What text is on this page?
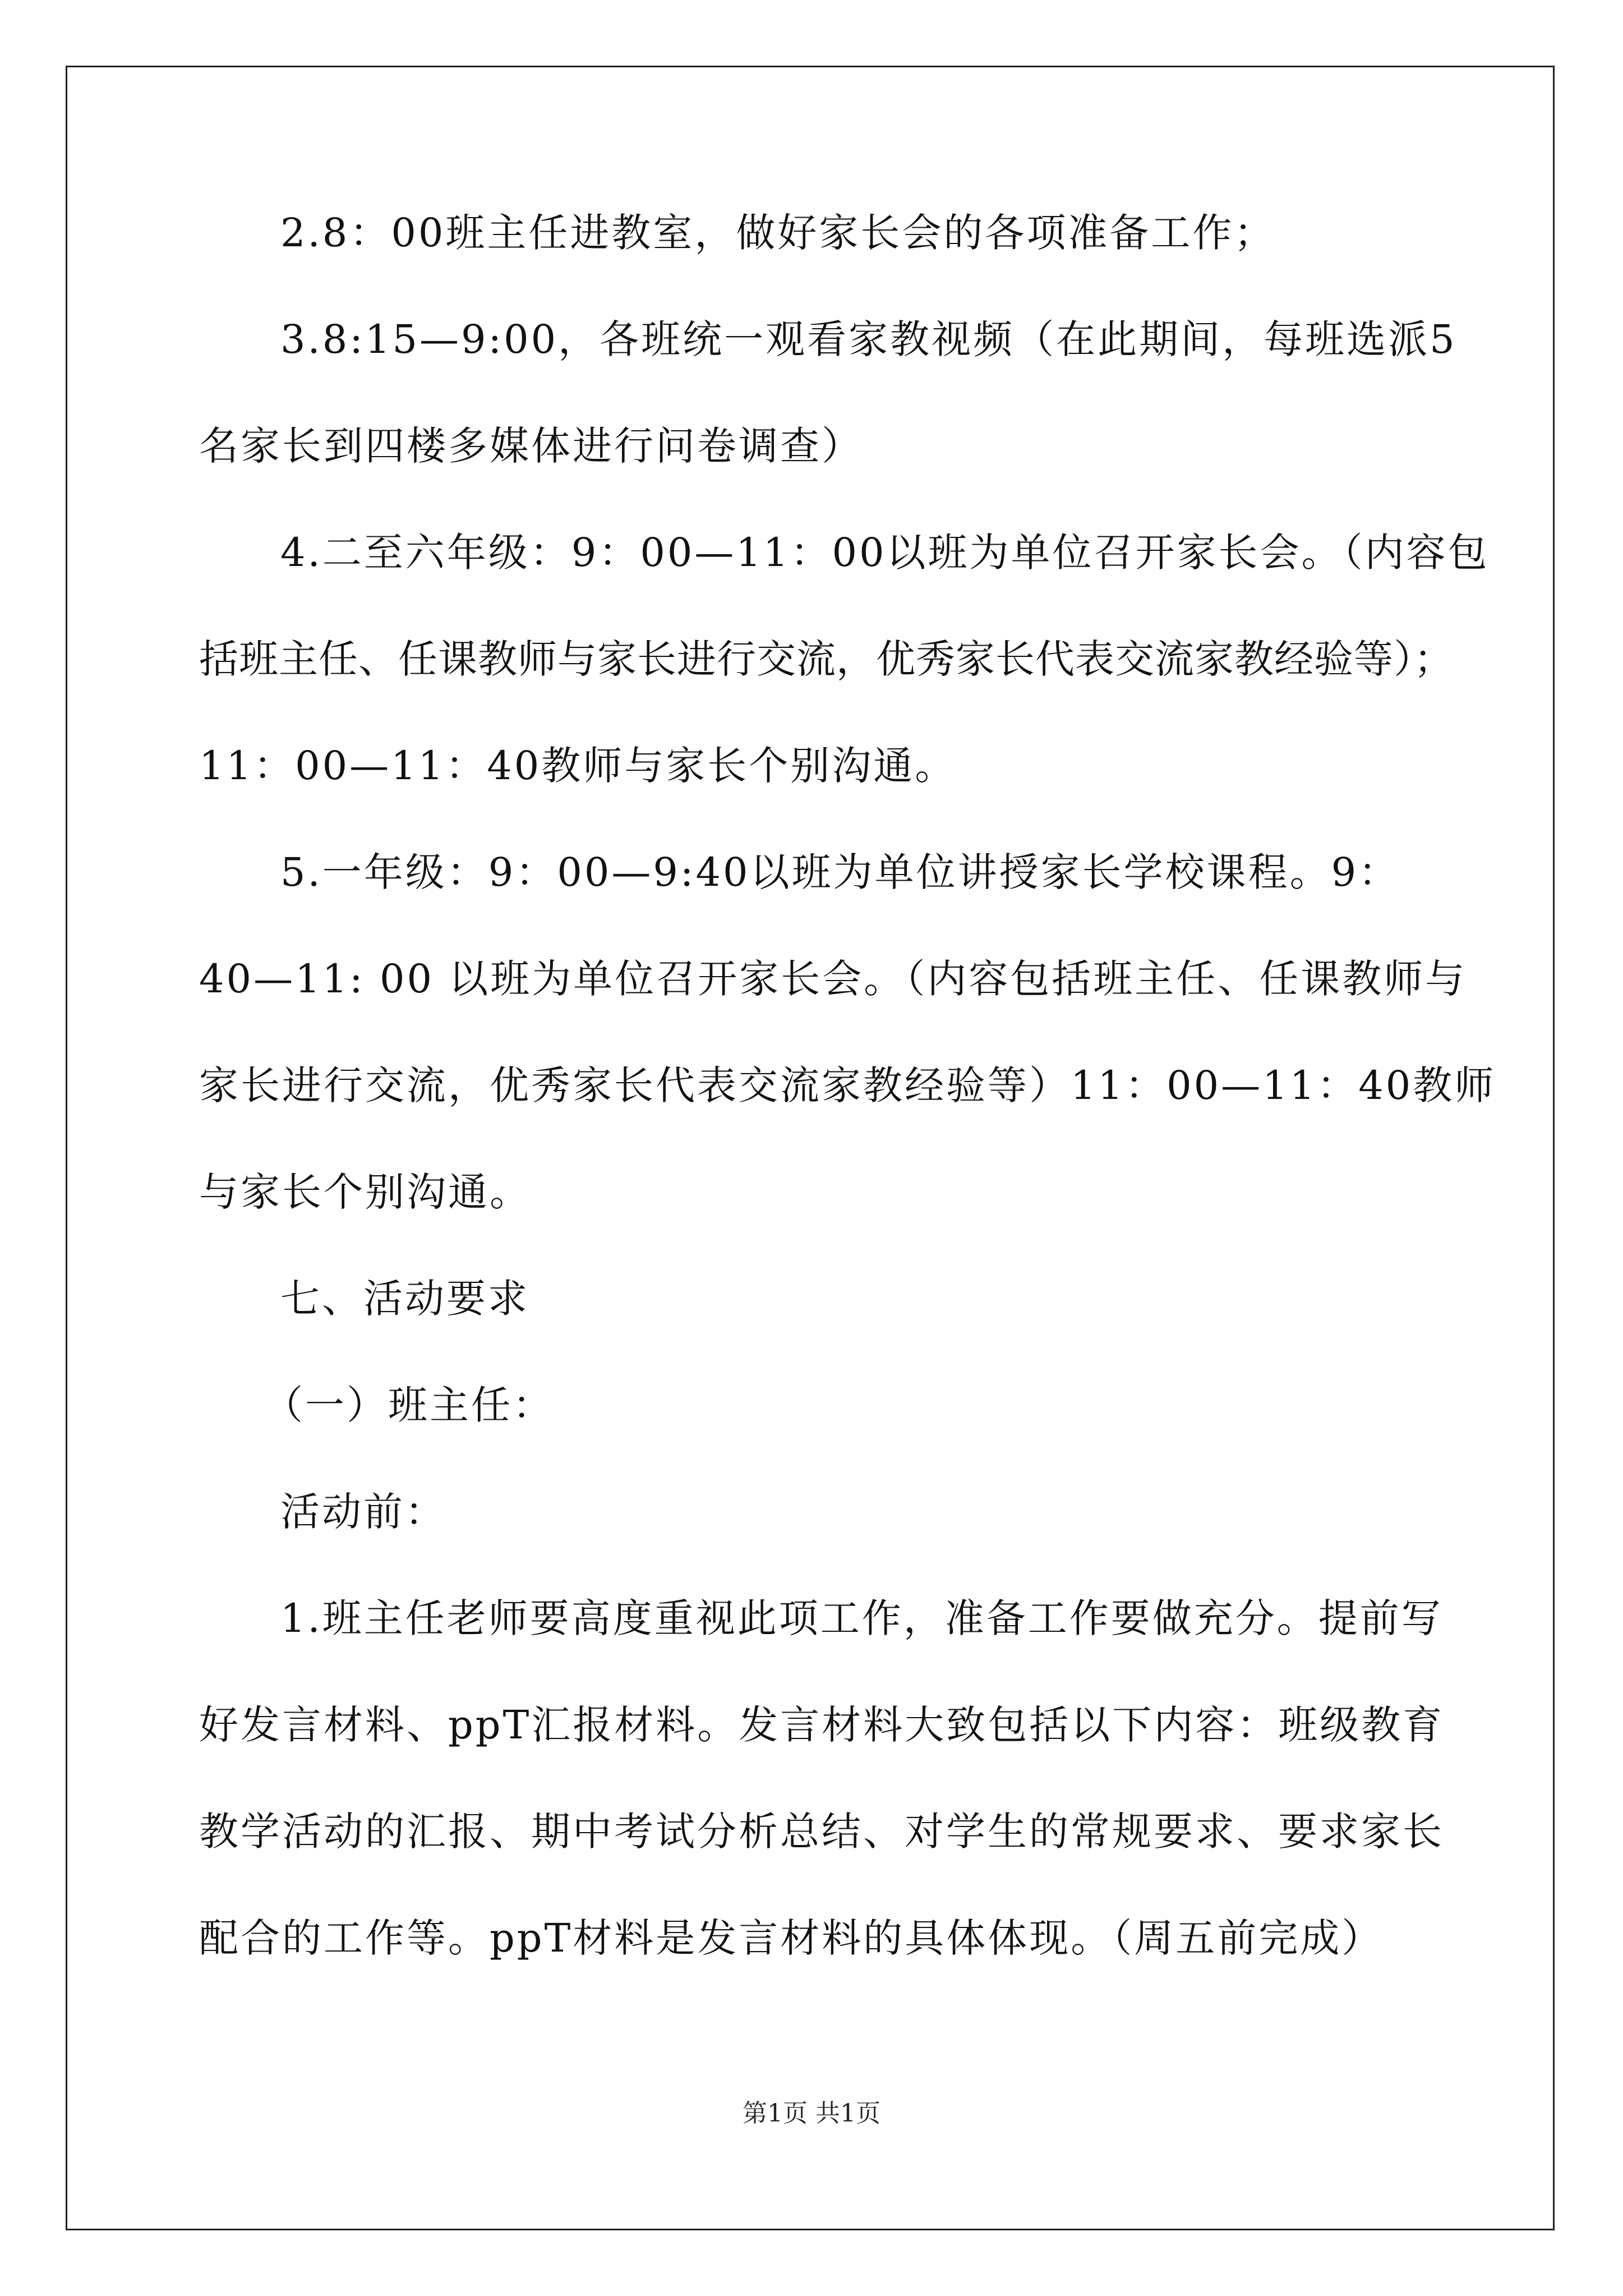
2.8：00班主任进教室，做好家长会的各项准备工作；
3.8:15—9:00，各班统一观看家教视频（在此期间，每班选派5
名家长到四楼多媒体进行问卷调查）
4.二至六年级：9：00—11：00以班为单位召开家长会。（内容包
括班主任、任课教师与家长进行交流，优秀家长代表交流家教经验等）；
11：00—11：40教师与家长个别沟通。
5.一年级：9：00—9:40以班为单位讲授家长学校课程。9：
40—11: 00 以班为单位召开家长会。（内容包括班主任、任课教师与
家长进行交流，优秀家长代表交流家教经验等）11：00—11：40教师
与家长个别沟通。
七、活动要求
（一）班主任：
活动前：
1.班主任老师要高度重视此项工作，准备工作要做充分。提前写
好发言材料、ppT汇报材料。发言材料大致包括以下内容：班级教育
教学活动的汇报、期中考试分析总结、对学生的常规要求、要求家长
配合的工作等。ppT材料是发言材料的具体体现。（周五前完成）
第1页 共1页
